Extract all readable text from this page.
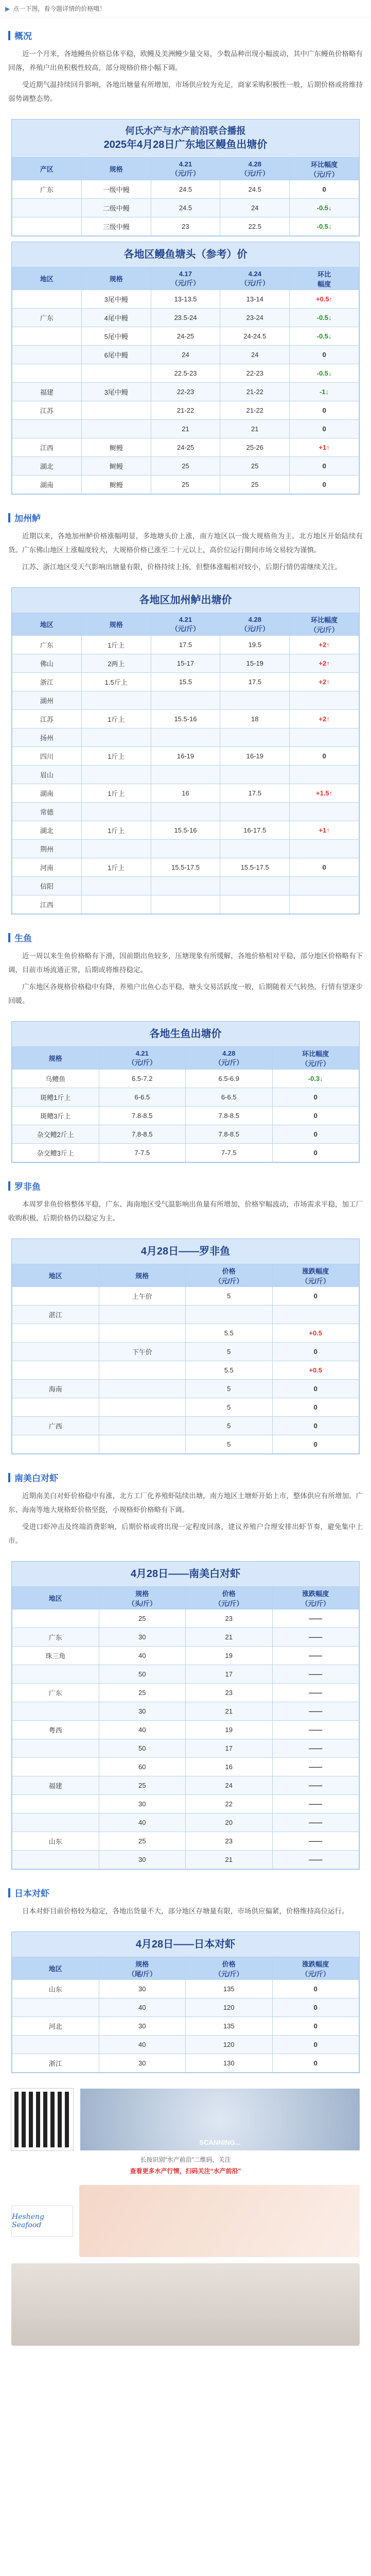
▶ 点一下图，看今题详情的价格哦！
概况

近一个月来，各地鳗鱼价格总体平稳，欧鳗及美洲鳗少量交易，少数品种出现小幅波动，其中广东鳗鱼价格略有回落，养殖户出鱼积极性较高，部分规格价格小幅下调。

受近期气温持续回升影响，各地出塘量有所增加，市场供应较为充足，商家采购积极性一般，后期价格或将维持弱势调整态势。

何氏水产与水产前沿联合播报
2025年4月28日广东地区鳗鱼出塘价
产区	规格	4.21
（元/斤）	4.28
（元/斤）	环比幅度
（元/斤）
广东	一级中鳗	24.5	24.5	0
	二级中鳗	24.5	24	-0.5↓
	三级中鳗	23	22.5	-0.5↓
各地区鳗鱼塘头（参考）价
地区	规格	4.17
（元/斤）	4.24
（元/斤）	环比
幅度
	3尾中鳗	13-13.5	13-14	+0.5↑
广东	4尾中鳗	23.5-24	23-24	-0.5↓
	5尾中鳗	24-25	24-24.5	-0.5↓
	6尾中鳗	24	24	0
		22.5-23	22-23	-0.5↓
福建	3尾中鳗	22-23	21-22	-1↓
江苏		21-22	21-22	0
		21	21	0
江西	鲥鳗	24-25	25-26	+1↑
湖北	鲥鳗	25	25	0
湖南	鲥鳗	25	25	0
加州鲈

近期以来，各地加州鲈价格涨幅明显，多地塘头价上涨，南方地区以一级大规格鱼为主，北方地区开始陆续有货。广东佛山地区上涨幅度较大，大规格价格已涨至二十元以上，高价位运行期间市场交易较为谨慎。

江苏、浙江地区受天气影响出塘量有限，价格持续上扬，但整体涨幅相对较小，后期行情仍需继续关注。

各地区加州鲈出塘价
地区	规格	4.21
（元/斤）	4.28
（元/斤）	环比幅度
（元/斤）
广东	1斤上	17.5	19.5	+2↑
佛山	2两上	15-17	15-19	+2↑
浙江	1.5斤上	15.5	17.5	+2↑
湖州				
江苏	1斤上	15.5-16	18	+2↑
扬州				
四川	1斤上	16-19	16-19	0
眉山				
湖南	1斤上	16	17.5	+1.5↑
常德				
湖北	1斤上	15.5-16	16-17.5	+1↑
荆州				
河南	1斤上	15.5-17.5	15.5-17.5	0
信阳				
江西				
生鱼

近一周以来生鱼价格略有下滑，因前期出鱼较多，压塘现象有所缓解，各地价格相对平稳，部分地区价格略有下调，目前市场流通正常，后期或将维持稳定。

广东地区各规格价格稳中有降，养殖户出鱼心态平稳，塘头交易活跃度一般，后期随着天气转热，行情有望逐步回暖。

各地生鱼出塘价
规格	4.21
（元/斤）	4.28
（元/斤）	环比幅度
（元/斤）
乌鳢鱼	6.5-7.2	6.5-6.9	-0.3↓
斑鳢1斤上	6-6.5	6-6.5	0
斑鳢3斤上	7.8-8.5	7.8-8.5	0
杂交鳢2斤上	7.8-8.5	7.8-8.5	0
杂交鳢3斤上	7-7.5	7-7.5	0
罗非鱼

本周罗非鱼价格整体平稳，广东、海南地区受气温影响出鱼量有所增加，价格窄幅波动，市场需求平稳，加工厂收购积极，后期价格仍以稳定为主。

4月28日——罗非鱼
地区	规格	价格
（元/斤）	涨跌幅度
（元/斤）
	上午价	5	0
湛江			
		5.5	+0.5
	下午价	5	0
		5.5	+0.5
海南		5	0
		5	0
广西		5	0
		5	0
南美白对虾

近期南美白对虾价格稳中有涨，北方工厂化养殖虾陆续出塘，南方地区土塘虾开始上市，整体供应有所增加。广东、海南等地大规格虾价格坚挺，小规格虾价格略有下调。

受进口虾冲击及终端消费影响，后期价格或将出现一定程度回落，建议养殖户合理安排出虾节奏，避免集中上市。

4月28日——南美白对虾
地区	规格
（头/斤）	价格
（元/斤）	涨跌幅度
（元/斤）
	25	23	——
广东	30	21	——
珠三角	40	19	——
	50	17	——
广东	25	23	——
	30	21	——
粤西	40	19	——
	50	17	——
	60	16	——
福建	25	24	——
	30	22	——
	40	20	——
山东	25	23	——
	30	21	——
日本对虾

日本对虾目前价格较为稳定，各地出货量不大，部分地区存塘量有限，市场供应偏紧，价格维持高位运行。

4月28日——日本对虾
地区	规格
（尾/斤）	价格
（元/斤）	涨跌幅度
（元/斤）
山东	30	135	0
	40	120	0
河北	30	135	0
	40	120	0
浙江	30	130	0
SCANNING...
长按识别“水产前沿”二维码，关注
查看更多水产行情，扫码关注“水产前沿”
Hesheng Seafood
